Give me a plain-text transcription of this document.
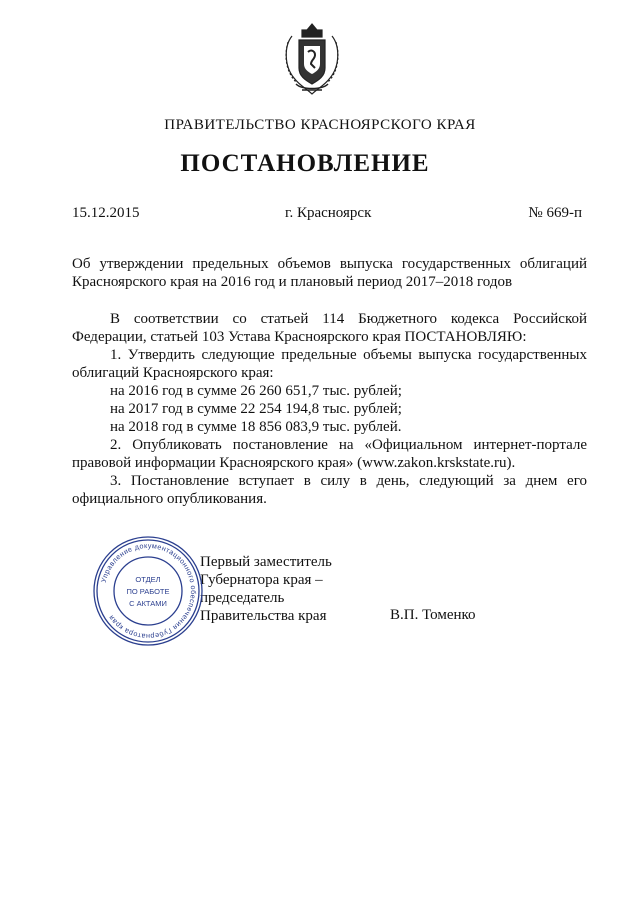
ПРАВИТЕЛЬСТВО КРАСНОЯРСКОГО КРАЯ
ПОСТАНОВЛЕНИЕ
15.12.2015	г. Красноярск	№ 669-п
Об утверждении предельных объемов выпуска государственных облигаций Красноярского края на 2016 год и плановый период 2017–2018 годов

В соответствии со статьей 114 Бюджетного кодекса Российской Федерации, статьей 103 Устава Красноярского края ПОСТАНОВЛЯЮ:

1. Утвердить следующие предельные объемы выпуска государственных облигаций Красноярского края:

на 2016 год в сумме 26 260 651,7 тыс. рублей;

на 2017 год в сумме 22 254 194,8 тыс. рублей;

на 2018 год в сумме 18 856 083,9 тыс. рублей.

2. Опубликовать постановление на «Официальном интернет-портале правовой информации Красноярского края» (www.zakon.krskstate.ru).

3. Постановление вступает в силу в день, следующий за днем его официального опубликования.

Первый заместитель
Губернатора края –
председатель
Правительства края	В.П. Томенко
Управление документационного обеспечения Губернатора края
ОТДЕЛ
ПО РАБОТЕ
С АКТАМИ
